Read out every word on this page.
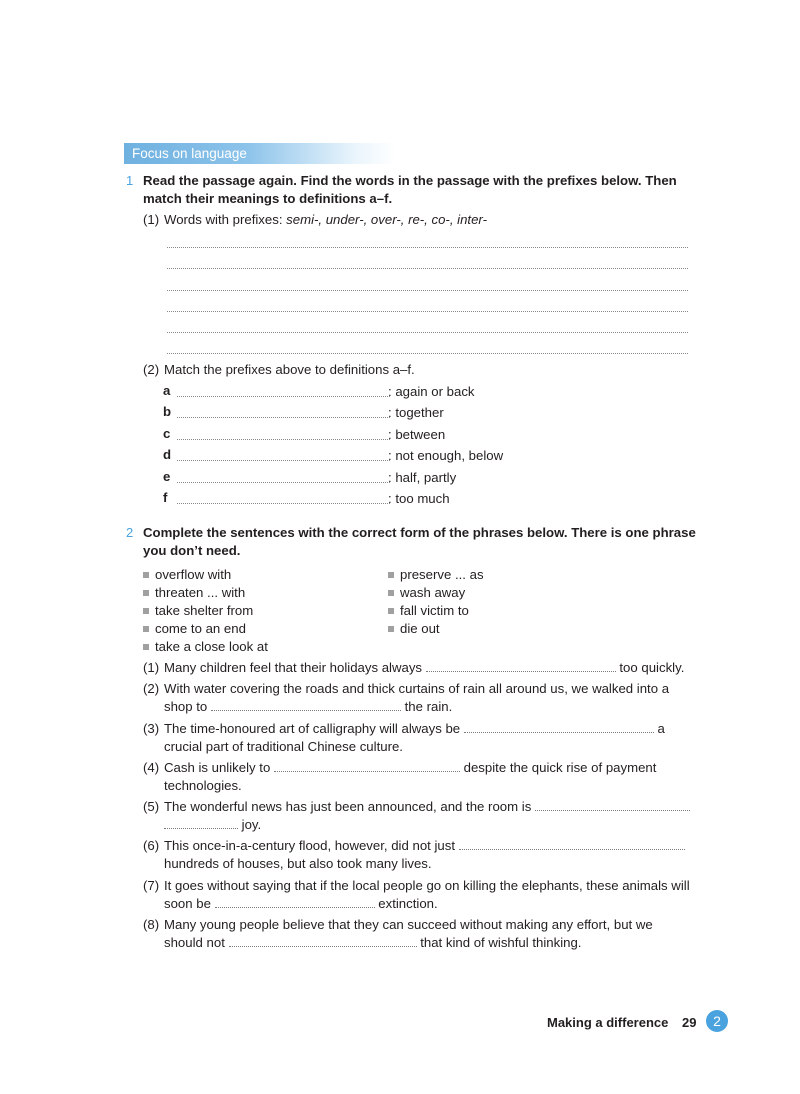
Focus on language
1 Read the passage again. Find the words in the passage with the prefixes below. Then
match their meanings to definitions a–f.
(1) Words with prefixes: semi-, under-, over-, re-, co-, inter-
(2) Match the prefixes above to definitions a–f.
a	: again or back
b	: together
c	: between
d	: not enough, below
e	: half, partly
f	: too much
2 Complete the sentences with the correct form of the phrases below. There is one phrase
you don’t need.
overflow with
threaten ... with
take shelter from
come to an end
take a close look at
preserve ... as
wash away
fall victim to
die out
(1) Many children feel that their holidays always	too quickly.
(2) With water covering the roads and thick curtains of rain all around us, we walked into a
shop to	the rain.
(3) The time-honoured art of calligraphy will always be	a
crucial part of traditional Chinese culture.
(4) Cash is unlikely to	despite the quick rise of payment
technologies.
(5) The wonderful news has just been announced, and the room is
joy.
(6) This once-in-a-century flood, however, did not just
hundreds of houses, but also took many lives.
(7) It goes without saying that if the local people go on killing the elephants, these animals will
soon be	extinction.
(8) Many young people believe that they can succeed without making any effort, but we
should not	that kind of wishful thinking.
Making a difference 29	2
